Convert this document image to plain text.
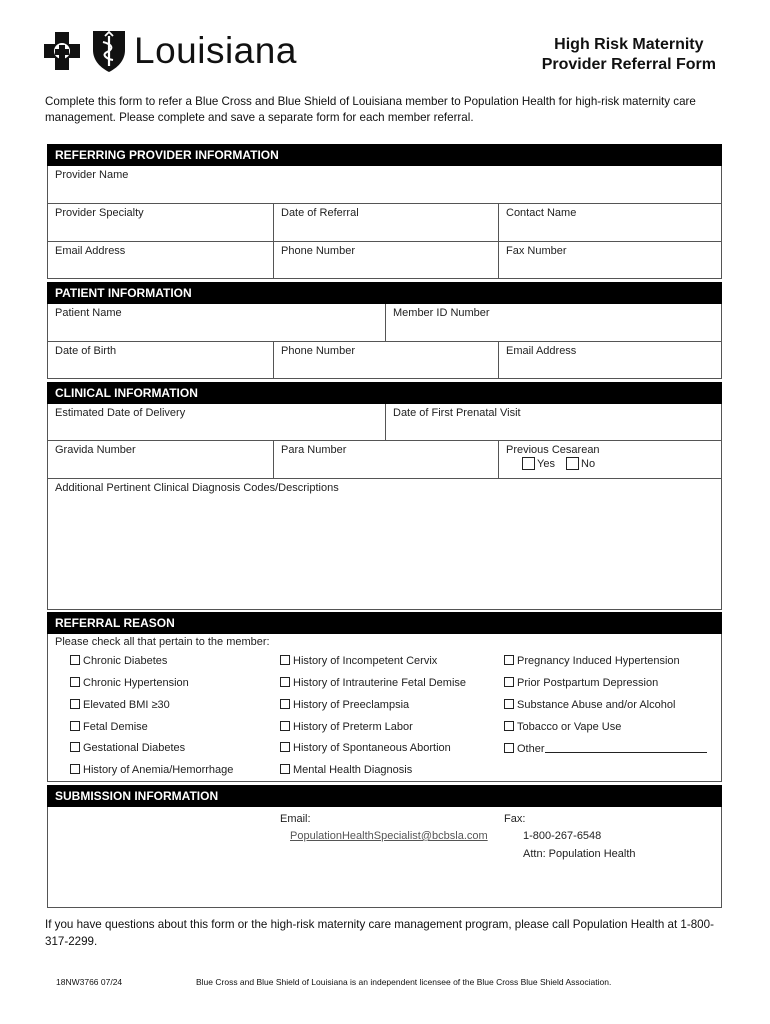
Louisiana	High Risk Maternity
Provider Referral Form
Complete this form to refer a Blue Cross and Blue Shield of Louisiana member to Population Health for high-risk maternity care management. Please complete and save a separate form for each member referral.
REFERRING PROVIDER INFORMATION
Provider Name
Provider Specialty	Date of Referral	Contact Name
Email Address	Phone Number	Fax Number
PATIENT INFORMATION
Patient Name	Member ID Number
Date of Birth	Phone Number	Email Address
CLINICAL INFORMATION
Estimated Date of Delivery	Date of First Prenatal Visit
Gravida Number	Para Number	Previous Cesarean
Yes No
Additional Pertinent Clinical Diagnosis Codes/Descriptions
REFERRAL REASON
Please check all that pertain to the member:
Chronic Diabetes
Chronic Hypertension
Elevated BMI ≥30
Fetal Demise
Gestational Diabetes
History of Anemia/Hemorrhage
History of Incompetent Cervix
History of Intrauterine Fetal Demise
History of Preeclampsia
History of Preterm Labor
History of Spontaneous Abortion
Mental Health Diagnosis
Pregnancy Induced Hypertension
Prior Postpartum Depression
Substance Abuse and/or Alcohol
Tobacco or Vape Use
Other
SUBMISSION INFORMATION
Email:
PopulationHealthSpecialist@bcbsla.com
Fax:
1-800-267-6548
Attn: Population Health
If you have questions about this form or the high-risk maternity care management program, please call Population Health at 1-800-317-2299.
18NW3766 07/24	Blue Cross and Blue Shield of Louisiana is an independent licensee of the Blue Cross Blue Shield Association.
